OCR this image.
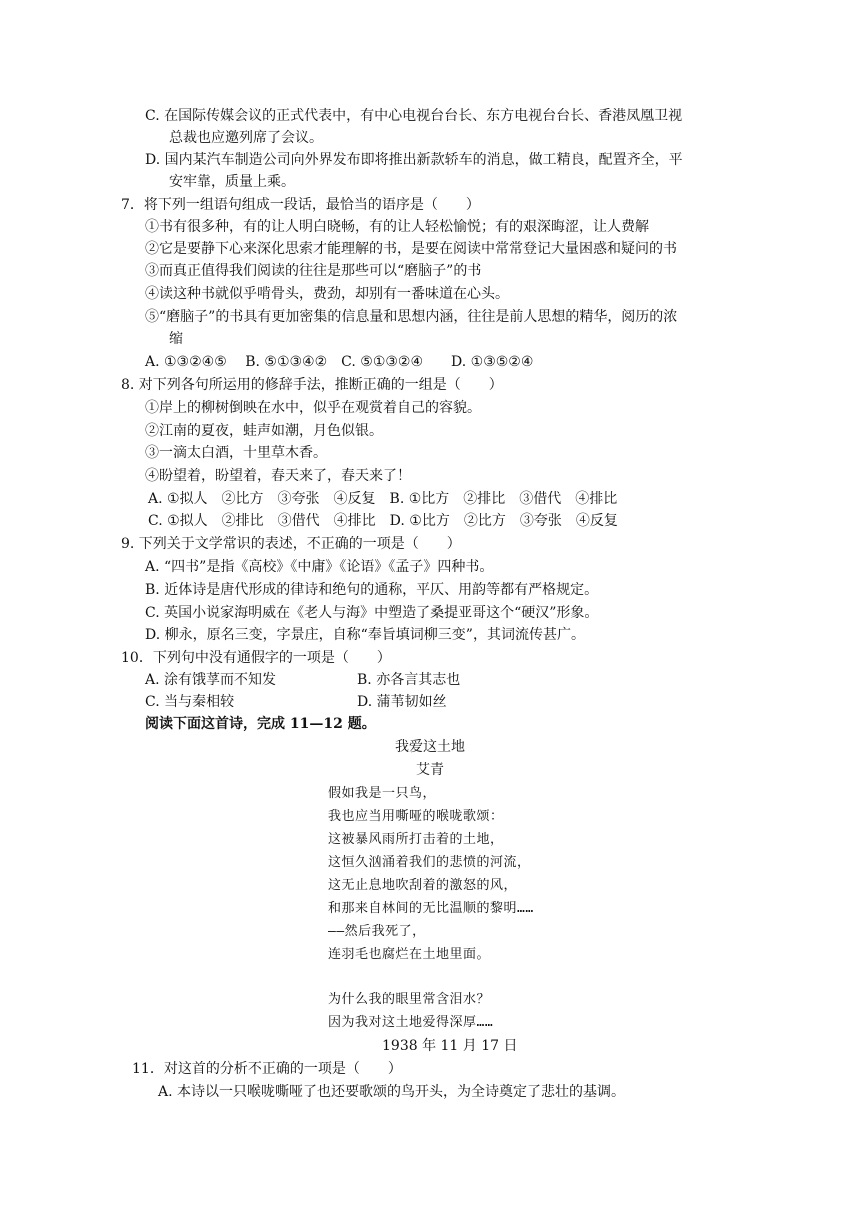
C. 在国际传媒会议的正式代表中，有中心电视台台长、东方电视台台长、香港凤凰卫视
总裁也应邀列席了会议。
D. 国内某汽车制造公司向外界发布即将推出新款轿车的消息，做工精良，配置齐全，平
安牢靠，质量上乘。
7．将下列一组语句组成一段话，最恰当的语序是（　　）
①书有很多种，有的让人明白晓畅，有的让人轻松愉悦；有的艰深晦涩，让人费解
②它是要静下心来深化思索才能理解的书，是要在阅读中常常登记大量困惑和疑问的书
③而真正值得我们阅读的往往是那些可以“磨脑子”的书
④读这种书就似乎啃骨头，费劲，却别有一番味道在心头。
⑤“磨脑子”的书具有更加密集的信息量和思想内涵，往往是前人思想的精华，阅历的浓
缩
A. ①③②④⑤　 B. ⑤①③④②　C. ⑤①③②④　　D. ①③⑤②④
8. 对下列各句所运用的修辞手法，推断正确的一组是（　　）
①岸上的柳树倒映在水中，似乎在观赏着自己的容貌。
②江南的夏夜，蛙声如潮，月色似银。
③一滴太白酒，十里草木香。
④盼望着，盼望着，春天来了，春天来了！
A. ①拟人　②比方　③夸张　④反复　B. ①比方　②排比　③借代　④排比
C. ①拟人　②排比　③借代　④排比　D. ①比方　②比方　③夸张　④反复
9. 下列关于文学常识的表述，不正确的一项是（　　）
A. “四书”是指《高校》《中庸》《论语》《孟子》四种书。
B. 近体诗是唐代形成的律诗和绝句的通称，平仄、用韵等都有严格规定。
C. 英国小说家海明威在《老人与海》中塑造了桑提亚哥这个“硬汉”形象。
D. 柳永，原名三变，字景庄，自称“奉旨填词柳三变”，其词流传甚广。
10．下列句中没有通假字的一项是（　　）
A. 涂有饿莩而不知发	B. 亦各言其志也
C. 当与秦相较	D. 蒲苇韧如丝
阅读下面这首诗，完成 11—12 题。
我爱这土地
艾青
假如我是一只鸟，
我也应当用嘶哑的喉咙歌颂：
这被暴风雨所打击着的土地，
这恒久汹涌着我们的悲愤的河流，
这无止息地吹刮着的激怒的风，
和那来自林间的无比温顺的黎明……
——然后我死了，
连羽毛也腐烂在土地里面。
为什么我的眼里常含泪水？
因为我对这土地爱得深厚……
1938 年 11 月 17 日
11．对这首的分析不正确的一项是（　　）
A. 本诗以一只喉咙嘶哑了也还要歌颂的鸟开头，为全诗奠定了悲壮的基调。
